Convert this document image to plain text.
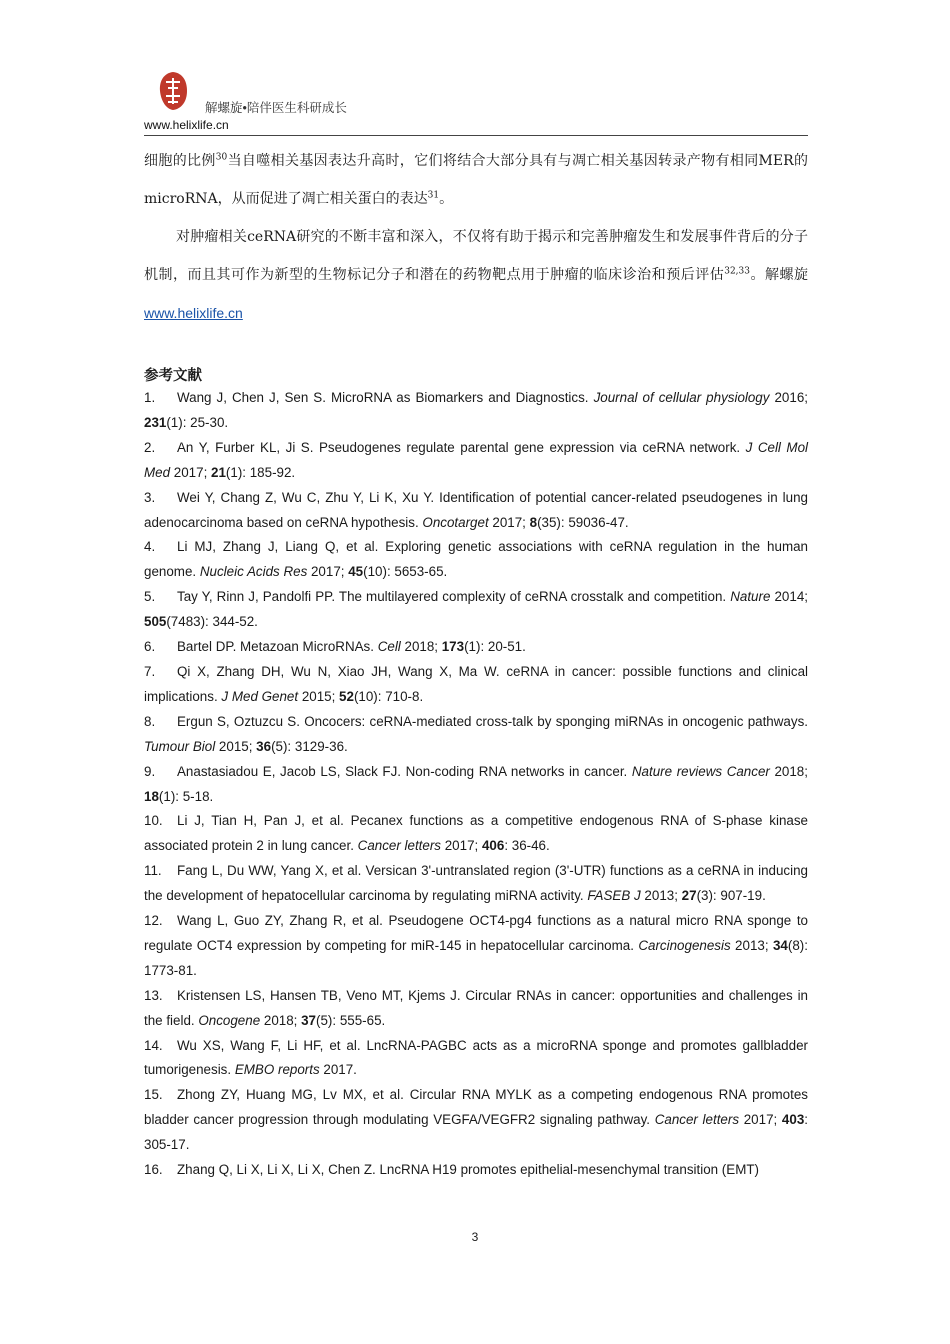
解螺旋•陪伴医生科研成长
www.helixlife.cn

细胞的比例$^{30}$当自噬相关基因表达升高时，它们将结合大部分具有与凋亡相关基因转录产物有相同MER的microRNA，从而促进了凋亡相关蛋白的表达$^{31}$。

对肿瘤相关ceRNA研究的不断丰富和深入，不仅将有助于揭示和完善肿瘤发生和发展事件背后的分子机制，而且其可作为新型的生物标记分子和潜在的药物靶点用于肿瘤的临床诊治和预后评估$^{32,33}$。解螺旋 www.helixlife.cn

参考文献

1. Wang J, Chen J, Sen S. MicroRNA as Biomarkers and Diagnostics. Journal of cellular physiology 2016; 231(1): 25-30.

2. An Y, Furber KL, Ji S. Pseudogenes regulate parental gene expression via ceRNA network. J Cell Mol Med 2017; 21(1): 185-92.

3. Wei Y, Chang Z, Wu C, Zhu Y, Li K, Xu Y. Identification of potential cancer-related pseudogenes in lung adenocarcinoma based on ceRNA hypothesis. Oncotarget 2017; 8(35): 59036-47.

4. Li MJ, Zhang J, Liang Q, et al. Exploring genetic associations with ceRNA regulation in the human genome. Nucleic Acids Res 2017; 45(10): 5653-65.

5. Tay Y, Rinn J, Pandolfi PP. The multilayered complexity of ceRNA crosstalk and competition. Nature 2014; 505(7483): 344-52.

6. Bartel DP. Metazoan MicroRNAs. Cell 2018; 173(1): 20-51.

7. Qi X, Zhang DH, Wu N, Xiao JH, Wang X, Ma W. ceRNA in cancer: possible functions and clinical implications. J Med Genet 2015; 52(10): 710-8.

8. Ergun S, Oztuzcu S. Oncocers: ceRNA-mediated cross-talk by sponging miRNAs in oncogenic pathways. Tumour Biol 2015; 36(5): 3129-36.

9. Anastasiadou E, Jacob LS, Slack FJ. Non-coding RNA networks in cancer. Nature reviews Cancer 2018; 18(1): 5-18.

10. Li J, Tian H, Pan J, et al. Pecanex functions as a competitive endogenous RNA of S-phase kinase associated protein 2 in lung cancer. Cancer letters 2017; 406: 36-46.

11. Fang L, Du WW, Yang X, et al. Versican 3'-untranslated region (3'-UTR) functions as a ceRNA in inducing the development of hepatocellular carcinoma by regulating miRNA activity. FASEB J 2013; 27(3): 907-19.

12. Wang L, Guo ZY, Zhang R, et al. Pseudogene OCT4-pg4 functions as a natural micro RNA sponge to regulate OCT4 expression by competing for miR-145 in hepatocellular carcinoma. Carcinogenesis 2013; 34(8): 1773-81.

13. Kristensen LS, Hansen TB, Veno MT, Kjems J. Circular RNAs in cancer: opportunities and challenges in the field. Oncogene 2018; 37(5): 555-65.

14. Wu XS, Wang F, Li HF, et al. LncRNA-PAGBC acts as a microRNA sponge and promotes gallbladder tumorigenesis. EMBO reports 2017.

15. Zhong ZY, Huang MG, Lv MX, et al. Circular RNA MYLK as a competing endogenous RNA promotes bladder cancer progression through modulating VEGFA/VEGFR2 signaling pathway. Cancer letters 2017; 403: 305-17.

16. Zhang Q, Li X, Li X, Li X, Chen Z. LncRNA H19 promotes epithelial-mesenchymal transition (EMT)

3
